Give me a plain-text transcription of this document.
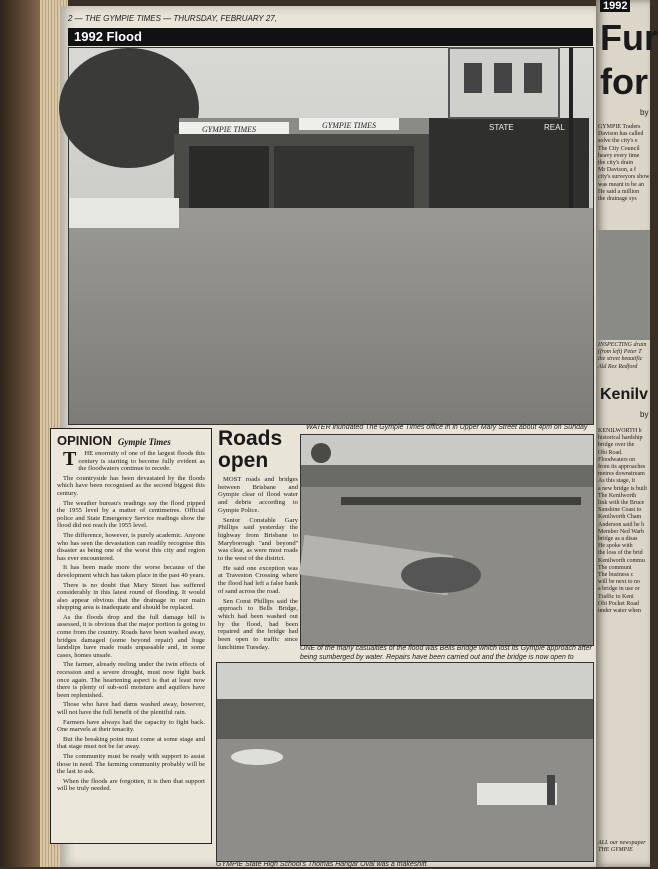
2 — THE GYMPIE TIMES — THURSDAY, FEBRUARY 27,
1992 Flood
GYMPIE TIMES	GYMPIE TIMES	STATE	REAL
WATER inundated The Gympie Times office in in Upper Mary Street about 4pm on Sunday
ONE of the many casualties of the flood was Bells Bridge which lost its Gympie approach after being sumberged by water. Repairs have been carried out and the bridge is now open to
GYMPIE State High School's Thomas Hangar Oval was a makeshift
OPINION Gympie Times

THE enormity of one of the largest floods this century is starting to become fully evident as the floodwaters continue to recede.

The countryside has been devastated by the floods which have been recognised as the second biggest this century.

The weather bureau's readings say the flood pipped the 1955 level by a matter of centimetres. Official police and State Emergency Service readings show the flood did not reach the 1955 level.

The difference, however, is purely academic. Anyone who has seen the devastation can readily recognise this disaster as being one of the worst this city and region has ever encountered.

It has been made more the worse because of the development which has taken place in the past 40 years.

There is no doubt that Mary Street has suffered considerably in this latest round of flooding. It would also appear obvious that the drainage in our main shopping area is inadequate and should be replaced.

As the floods drop and the full damage bill is assessed, it is obvious that the major portion is going to come from the country. Roads have been washed away, bridges damaged (some beyond repair) and huge landslips have made roads unpassable and, in some cases, homes unsafe.

The farmer, already reeling under the twin effects of recession and a severe drought, must now fight back once again. The heartening aspect is that at least now there is plenty of sub-soil moisture and aquifers have been replenished.

Those who have had dams washed away, however, will not have the full benefit of the plentiful rain.

Farmers have always had the capacity to fight back. One marvels at their tenacity.

But the breaking point must come at some stage and that stage must not be far away.

The community must be ready with support to assist those in need. The farming community probably will be the last to ask.

When the floods are forgotten, it is then that support will be truly needed.

Roads open

MOST roads and bridges between Brisbane and Gympie clear of flood water and debris according to Gympie Police.

Senior Constable Gary Phillips said yesterday the highway from Brisbane to Maryborough ''and beyond'' was clear, as were most roads to the west of the district.

He said one exception was at Traveston Crossing where the flood had left a false bank of sand across the road.

Sen Const Phillips said the approach to Bells Bridge, which had been washed out by the flood, had been repaired and the bridge had been open to traffic since lunchtime Tuesday.

1992
Fur
for
by

GYMPIE Traders

Davison has called

solve the city's e

The City Council

heavy every time

the city's drain

Mr Davison, a f

city's surveyors show

was meant to be an

He said a million

the drainage sys

INSPECTING drain

(from left) Peter T

the street beautific

Ald Rex Redford

Kenilv
by

KENILWORTH b

historical hardship

bridge over the

Obi Road.

Floodwaters on

from its approaches

metres downstream

As this stage, it

a new bridge is built

The Kenilworth

link with the Bruce

Sunshine Coast to

Kenilworth Cham

Anderson said he h

Member Ned Warb

bridge as a disas

He spoke with

the loss of the brid

Kenilworth commu

The communi

The business c

will be next to no

a bridge in use or

Traffic to Keni

Obi Pocket Road

under water when

ALL our newspaper

THE GYMPIE
